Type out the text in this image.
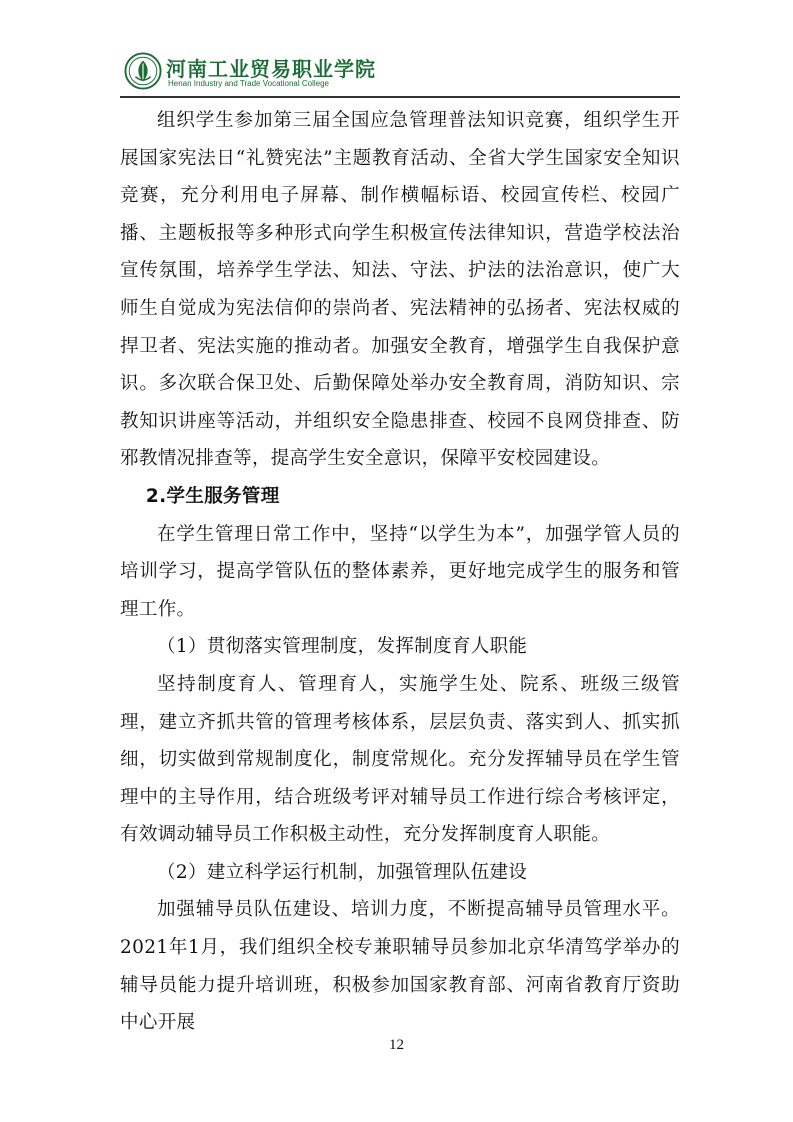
河南工业贸易职业学院
Henan Industry and Trade Vocational College

组织学生参加第三届全国应急管理普法知识竞赛，组织学生开展国家宪法日“礼赞宪法”主题教育活动、全省大学生国家安全知识竞赛，充分利用电子屏幕、制作横幅标语、校园宣传栏、校园广播、主题板报等多种形式向学生积极宣传法律知识，营造学校法治宣传氛围，培养学生学法、知法、守法、护法的法治意识，使广大师生自觉成为宪法信仰的崇尚者、宪法精神的弘扬者、宪法权威的捍卫者、宪法实施的推动者。加强安全教育，增强学生自我保护意识。多次联合保卫处、后勤保障处举办安全教育周，消防知识、宗教知识讲座等活动，并组织安全隐患排查、校园不良网贷排查、防邪教情况排查等，提高学生安全意识，保障平安校园建设。

2.学生服务管理

在学生管理日常工作中，坚持“以学生为本”，加强学管人员的培训学习，提高学管队伍的整体素养，更好地完成学生的服务和管理工作。

（1）贯彻落实管理制度，发挥制度育人职能

坚持制度育人、管理育人，实施学生处、院系、班级三级管理，建立齐抓共管的管理考核体系，层层负责、落实到人、抓实抓细，切实做到常规制度化，制度常规化。充分发挥辅导员在学生管理中的主导作用，结合班级考评对辅导员工作进行综合考核评定，有效调动辅导员工作积极主动性，充分发挥制度育人职能。

（2）建立科学运行机制，加强管理队伍建设

加强辅导员队伍建设、培训力度，不断提高辅导员管理水平。2021年1月，我们组织全校专兼职辅导员参加北京华清笃学举办的辅导员能力提升培训班，积极参加国家教育部、河南省教育厅资助中心开展

12
